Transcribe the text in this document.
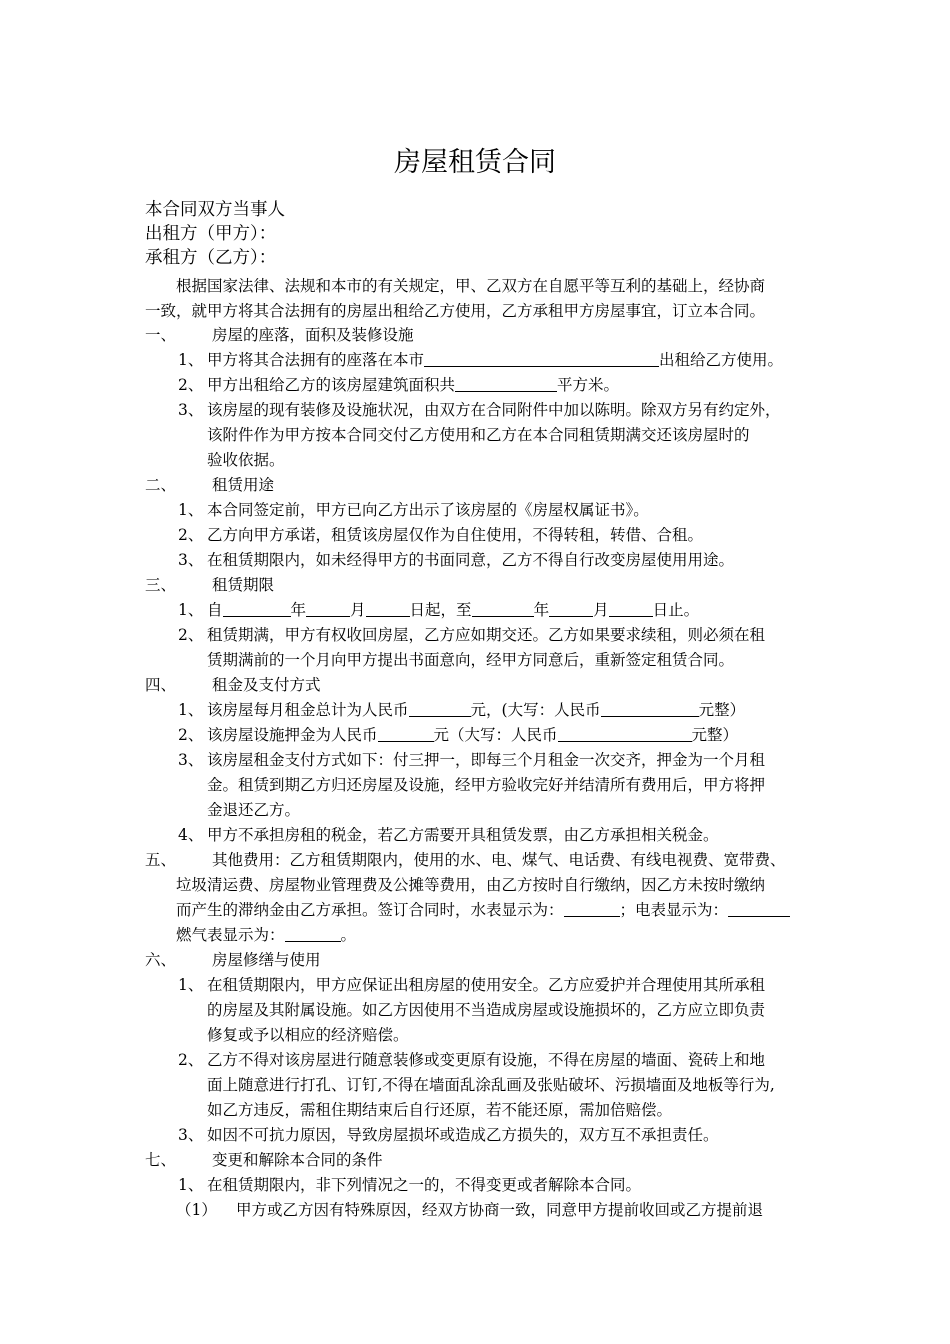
房屋租赁合同
本合同双方当事人
出租方（甲方）：
承租方（乙方）：
根据国家法律、法规和本市的有关规定，甲、乙双方在自愿平等互利的基础上，经协商
一致，就甲方将其合法拥有的房屋出租给乙方使用，乙方承租甲方房屋事宜，订立本合同。
一、 房屋的座落，面积及装修设施
1、 甲方将其合法拥有的座落在本市	出租给乙方使用。
2、 甲方出租给乙方的该房屋建筑面积共	平方米。
3、 该房屋的现有装修及设施状况，由双方在合同附件中加以陈明。除双方另有约定外，
该附件作为甲方按本合同交付乙方使用和乙方在本合同租赁期满交还该房屋时的
验收依据。
二、 租赁用途
1、 本合同签定前，甲方已向乙方出示了该房屋的《房屋权属证书》。
2、 乙方向甲方承诺，租赁该房屋仅作为自住使用，不得转租，转借、合租。
3、 在租赁期限内，如未经得甲方的书面同意，乙方不得自行改变房屋使用用途。
三、 租赁期限
1、 自	年	月	日起，至	年	月	日止。
2、 租赁期满，甲方有权收回房屋，乙方应如期交还。乙方如果要求续租，则必须在租
赁期满前的一个月向甲方提出书面意向，经甲方同意后，重新签定租赁合同。
四、 租金及支付方式
1、 该房屋每月租金总计为人民币	元，(大写：人民币	元整）
2、 该房屋设施押金为人民币	元（大写：人民币	元整）
3、 该房屋租金支付方式如下：付三押一，即每三个月租金一次交齐，押金为一个月租
金。租赁到期乙方归还房屋及设施，经甲方验收完好并结清所有费用后，甲方将押
金退还乙方。
4、 甲方不承担房租的税金，若乙方需要开具租赁发票，由乙方承担相关税金。
五、 其他费用：乙方租赁期限内，使用的水、电、煤气、电话费、有线电视费、宽带费、
垃圾清运费、房屋物业管理费及公摊等费用，由乙方按时自行缴纳，因乙方未按时缴纳
而产生的滞纳金由乙方承担。签订合同时，水表显示为：	；电表显示为：
燃气表显示为：	。
六、 房屋修缮与使用
1、 在租赁期限内，甲方应保证出租房屋的使用安全。乙方应爱护并合理使用其所承租
的房屋及其附属设施。如乙方因使用不当造成房屋或设施损坏的，乙方应立即负责
修复或予以相应的经济赔偿。
2、 乙方不得对该房屋进行随意装修或变更原有设施，不得在房屋的墙面、瓷砖上和地
面上随意进行打孔、订钉,不得在墙面乱涂乱画及张贴破坏、污损墙面及地板等行为,
如乙方违反，需租住期结束后自行还原，若不能还原，需加倍赔偿。
3、 如因不可抗力原因，导致房屋损坏或造成乙方损失的，双方互不承担责任。
七、 变更和解除本合同的条件
1、 在租赁期限内，非下列情况之一的，不得变更或者解除本合同。
（1） 甲方或乙方因有特殊原因，经双方协商一致，同意甲方提前收回或乙方提前退
